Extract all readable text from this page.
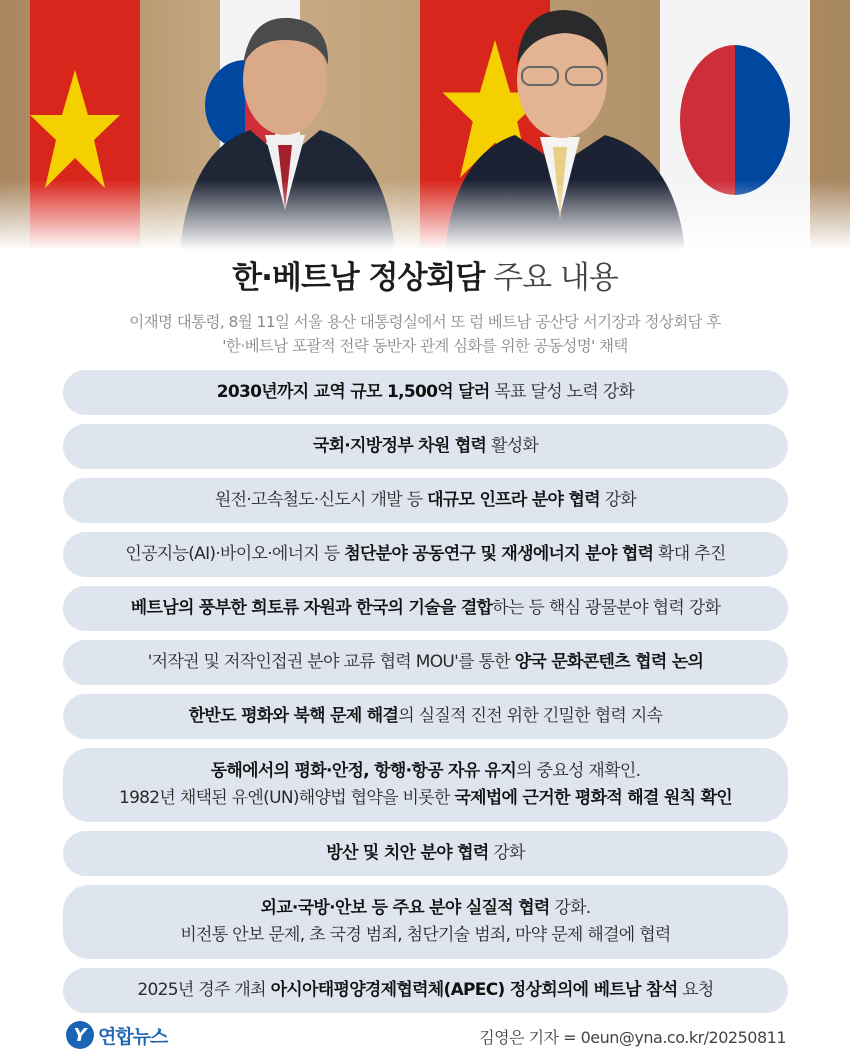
한·베트남 정상회담 주요 내용
이재명 대통령, 8월 11일 서울 용산 대통령실에서 또 럼 베트남 공산당 서기장과 정상회담 후
'한·베트남 포괄적 전략 동반자 관계 심화를 위한 공동성명' 채택
2030년까지 교역 규모 1,500억 달러 목표 달성 노력 강화
국회·지방정부 차원 협력 활성화
원전·고속철도·신도시 개발 등 대규모 인프라 분야 협력 강화
인공지능(AI)·바이오·에너지 등 첨단분야 공동연구 및 재생에너지 분야 협력 확대 추진
베트남의 풍부한 희토류 자원과 한국의 기술을 결합하는 등 핵심 광물분야 협력 강화
'저작권 및 저작인접권 분야 교류 협력 MOU'를 통한 양국 문화콘텐츠 협력 논의
한반도 평화와 북핵 문제 해결의 실질적 진전 위한 긴밀한 협력 지속
동해에서의 평화·안정, 항행·항공 자유 유지의 중요성 재확인.
1982년 채택된 유엔(UN)해양법 협약을 비롯한 국제법에 근거한 평화적 해결 원칙 확인
방산 및 치안 분야 협력 강화
외교·국방·안보 등 주요 분야 실질적 협력 강화.
비전통 안보 문제, 초 국경 범죄, 첨단기술 범죄, 마약 문제 해결에 협력
2025년 경주 개최 아시아태평양경제협력체(APEC) 정상회의에 베트남 참석 요청
Y 연합뉴스	김영은 기자 = 0eun@yna.co.kr/20250811
